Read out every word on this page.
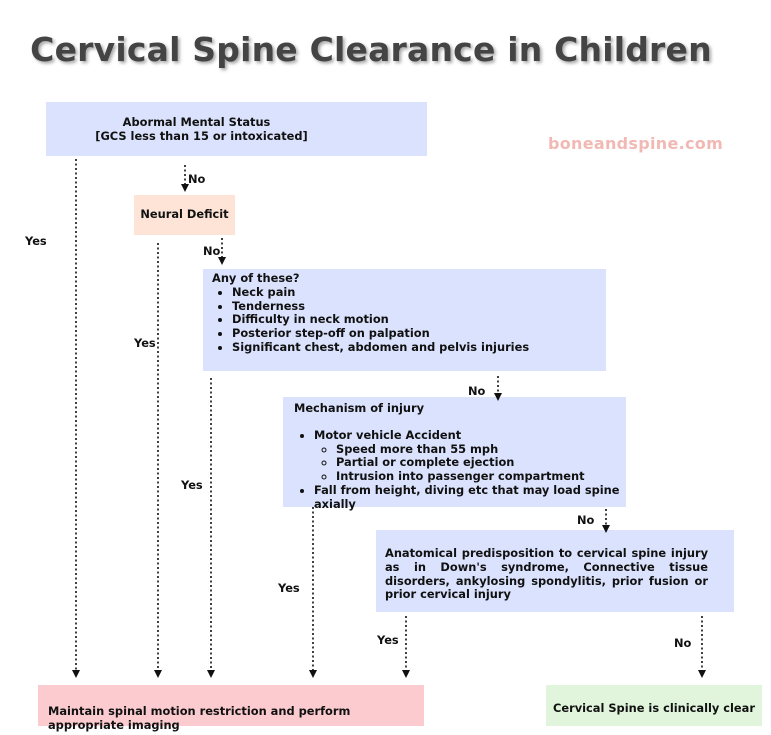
Cervical Spine Clearance in Children
boneandspine.com
Abormal Mental Status
[GCS less than 15 or intoxicated]
Neural Deficit
Any of these?
• Neck pain
• Tenderness
• Difficulty in neck motion
• Posterior step-off on palpation
• Significant chest, abdomen and pelvis injuries
Mechanism of injury
• Motor vehicle Accident
◦ Speed more than 55 mph
◦ Partial or complete ejection
◦ Intrusion into passenger compartment
• Fall from height, diving etc that may load spine axially
Anatomical predisposition to cervical spine injury as in Down's syndrome, Connective tissue disorders, ankylosing spondylitis, prior fusion or prior cervical injury
Maintain spinal motion restriction and perform appropriate imaging
Cervical Spine is clinically clear
No
Yes
No
Yes
No
Yes
No
Yes
Yes	No
